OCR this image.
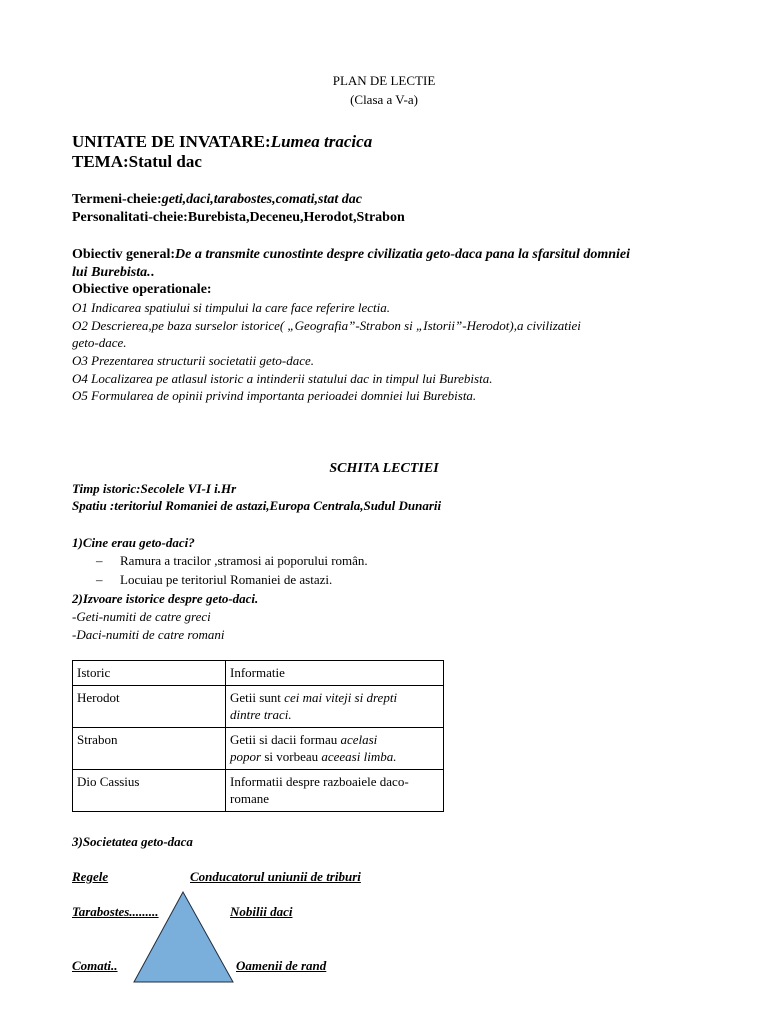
PLAN DE LECTIE
(Clasa a V-a)
UNITATE DE INVATARE:Lumea tracica
TEMA:Statul dac
Termeni-cheie:geti,daci,tarabostes,comati,stat dac
Personalitati-cheie:Burebista,Deceneu,Herodot,Strabon
Obiectiv general:De a transmite cunostinte despre civilizatia geto-daca pana la sfarsitul domniei
lui Burebista..
Obiective operationale:
O1 Indicarea spatiului si timpului la care face referire lectia.
O2 Descrierea,pe baza surselor istorice( „Geografia”-Strabon si „Istorii”-Herodot),a civilizatiei
geto-dace.
O3 Prezentarea structurii societatii geto-dace.
O4 Localizarea pe atlasul istoric a intinderii statului dac in timpul lui Burebista.
O5 Formularea de opinii privind importanta perioadei domniei lui Burebista.
SCHITA LECTIEI
Timp istoric:Secolele VI-I i.Hr
Spatiu :teritoriul Romaniei de astazi,Europa Centrala,Sudul Dunarii
1)Cine erau geto-daci?
– Ramura a tracilor ,stramosi ai poporului român.
– Locuiau pe teritoriul Romaniei de astazi.
2)Izvoare istorice despre geto-daci.
-Geti-numiti de catre greci
-Daci-numiti de catre romani
Istoric	Informatie
Herodot	Getii sunt cei mai viteji si drepti
dintre traci.
Strabon	Getii si dacii formau acelasi
popor si vorbeau aceeasi limba.
Dio Cassius	Informatii despre razboaiele daco-
romane
3)Societatea geto-daca
Regele	Conducatorul uniunii de triburi
Tarabostes.........	Nobilii daci
Comati..	Oamenii de rand
